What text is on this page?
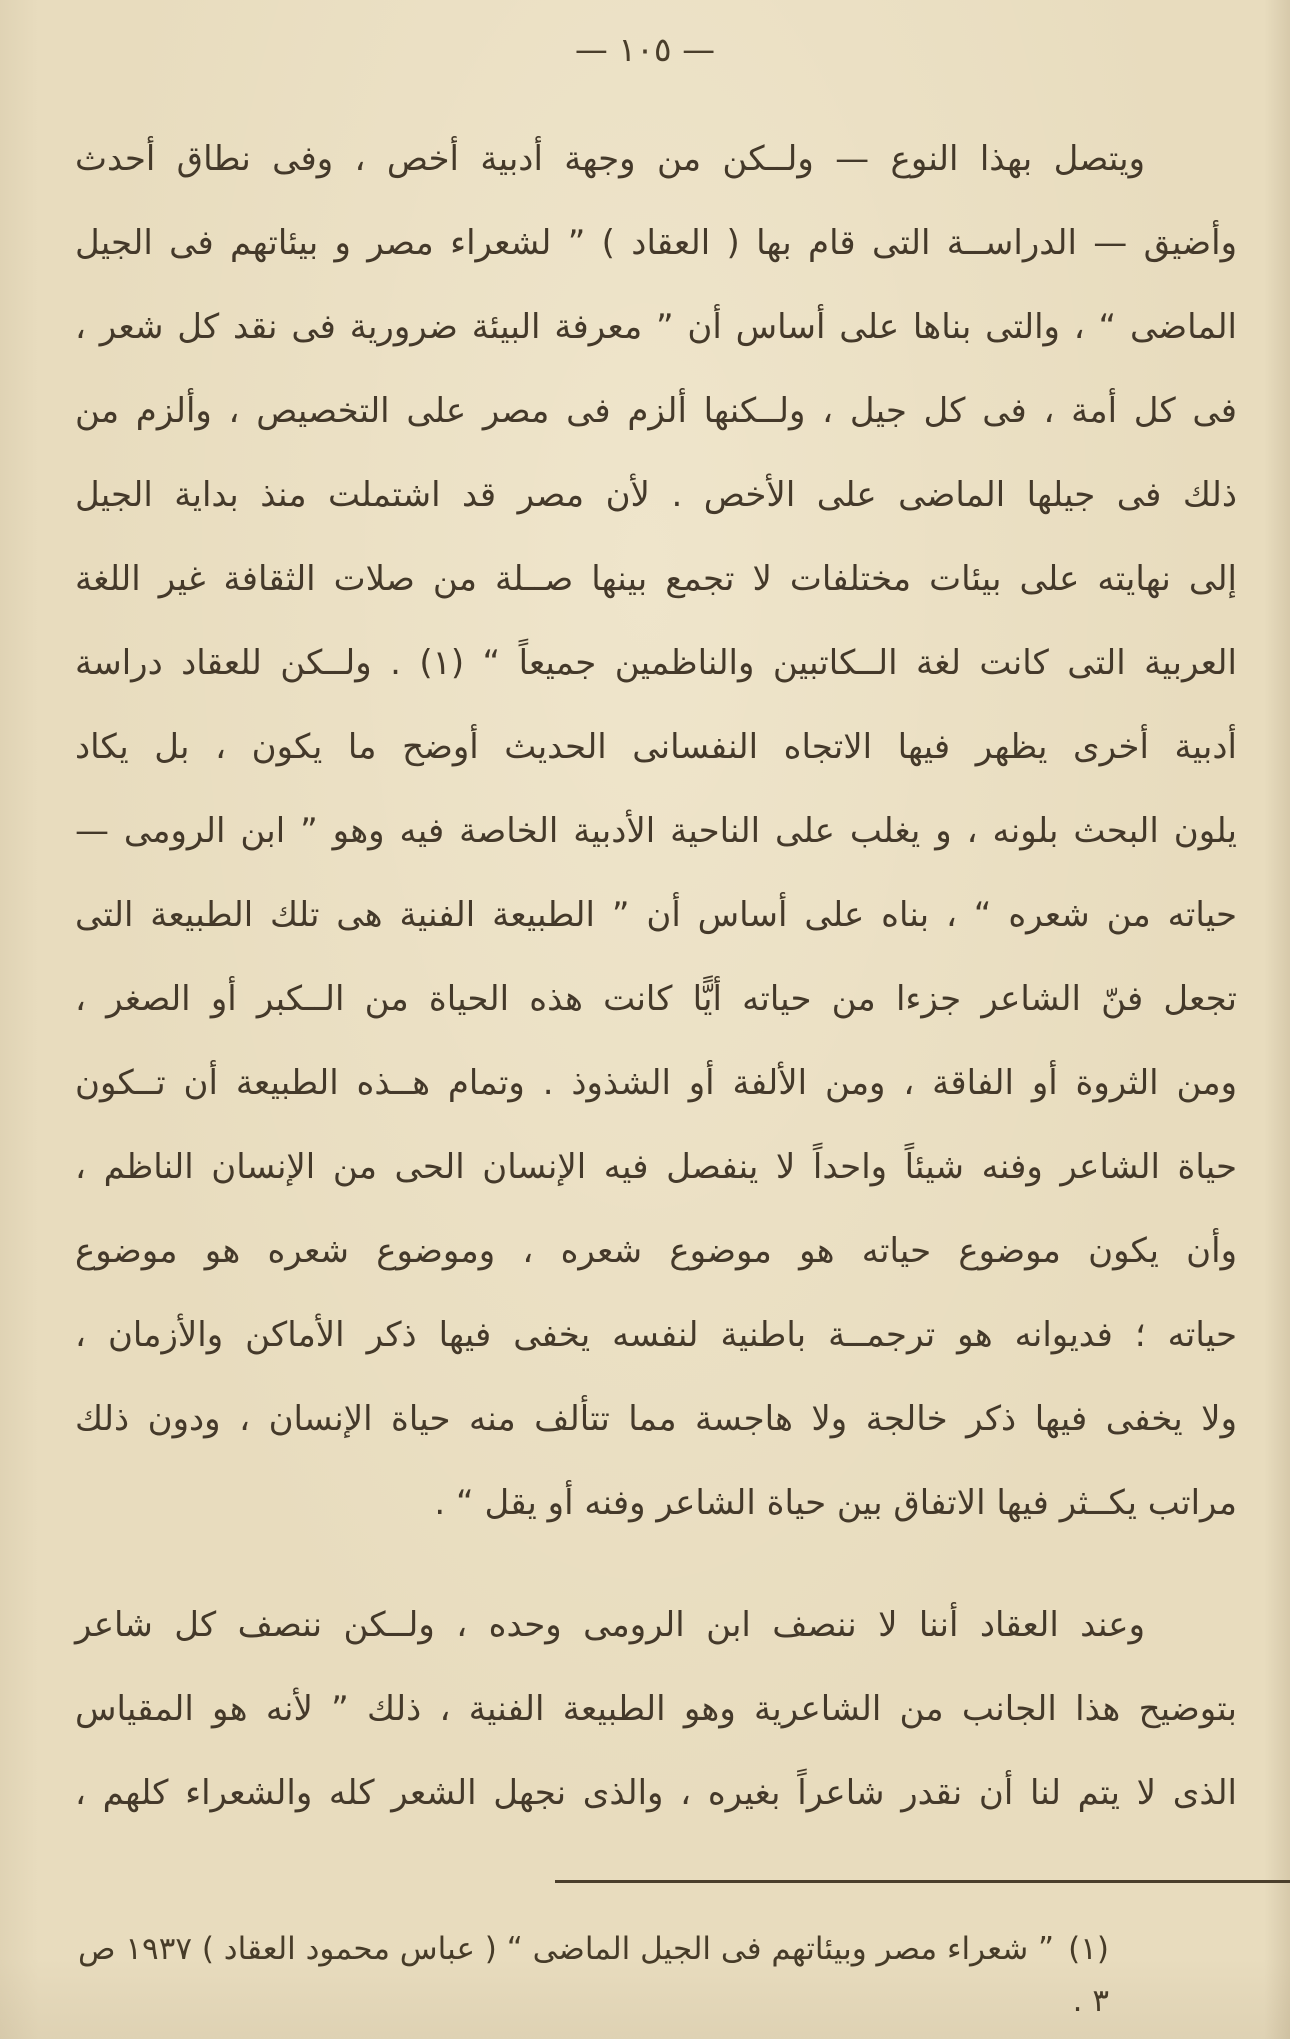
— ١٠٥ —
ويتصل بهذا النوع — ولــكن من وجهة أدبية أخص ، وفى نطاق أحدث
وأضيق — الدراســة التى قام بها ( العقاد ) ” لشعراء مصر و بيئاتهم فى الجيل
الماضى “ ، والتى بناها على أساس أن ” معرفة البيئة ضرورية فى نقد كل شعر ،
فى كل أمة ، فى كل جيل ، ولــكنها ألزم فى مصر على التخصيص ، وألزم من
ذلك فى جيلها الماضى على الأخص . لأن مصر قد اشتملت منذ بداية الجيل
إلى نهايته على بيئات مختلفات لا تجمع بينها صــلة من صلات الثقافة غير اللغة
العربية التى كانت لغة الــكاتبين والناظمين جميعاً “ (١) . ولــكن للعقاد دراسة
أدبية أخرى يظهر فيها الاتجاه النفسانى الحديث أوضح ما يكون ، بل يكاد
يلون البحث بلونه ، و يغلب على الناحية الأدبية الخاصة فيه وهو ” ابن الرومى —
حياته من شعره “ ، بناه على أساس أن ” الطبيعة الفنية هى تلك الطبيعة التى
تجعل فنّ الشاعر جزءا من حياته أيًّا كانت هذه الحياة من الــكبر أو الصغر ،
ومن الثروة أو الفاقة ، ومن الألفة أو الشذوذ . وتمام هــذه الطبيعة أن تــكون
حياة الشاعر وفنه شيئاً واحداً لا ينفصل فيه الإنسان الحى من الإنسان الناظم ،
وأن يكون موضوع حياته هو موضوع شعره ، وموضوع شعره هو موضوع
حياته ؛ فديوانه هو ترجمــة باطنية لنفسه يخفى فيها ذكر الأماكن والأزمان ،
ولا يخفى فيها ذكر خالجة ولا هاجسة مما تتألف منه حياة الإنسان ، ودون ذلك
مراتب يكــثر فيها الاتفاق بين حياة الشاعر وفنه أو يقل “ .
وعند العقاد أننا لا ننصف ابن الرومى وحده ، ولــكن ننصف كل شاعر
بتوضيح هذا الجانب من الشاعرية وهو الطبيعة الفنية ، ذلك ” لأنه هو المقياس
الذى لا يتم لنا أن نقدر شاعراً بغيره ، والذى نجهل الشعر كله والشعراء كلهم ،
(١)” شعراء مصر وبيئاتهم فى الجيل الماضى “ ( عباس محمود العقاد ) ١٩٣٧ ص ٣ .
